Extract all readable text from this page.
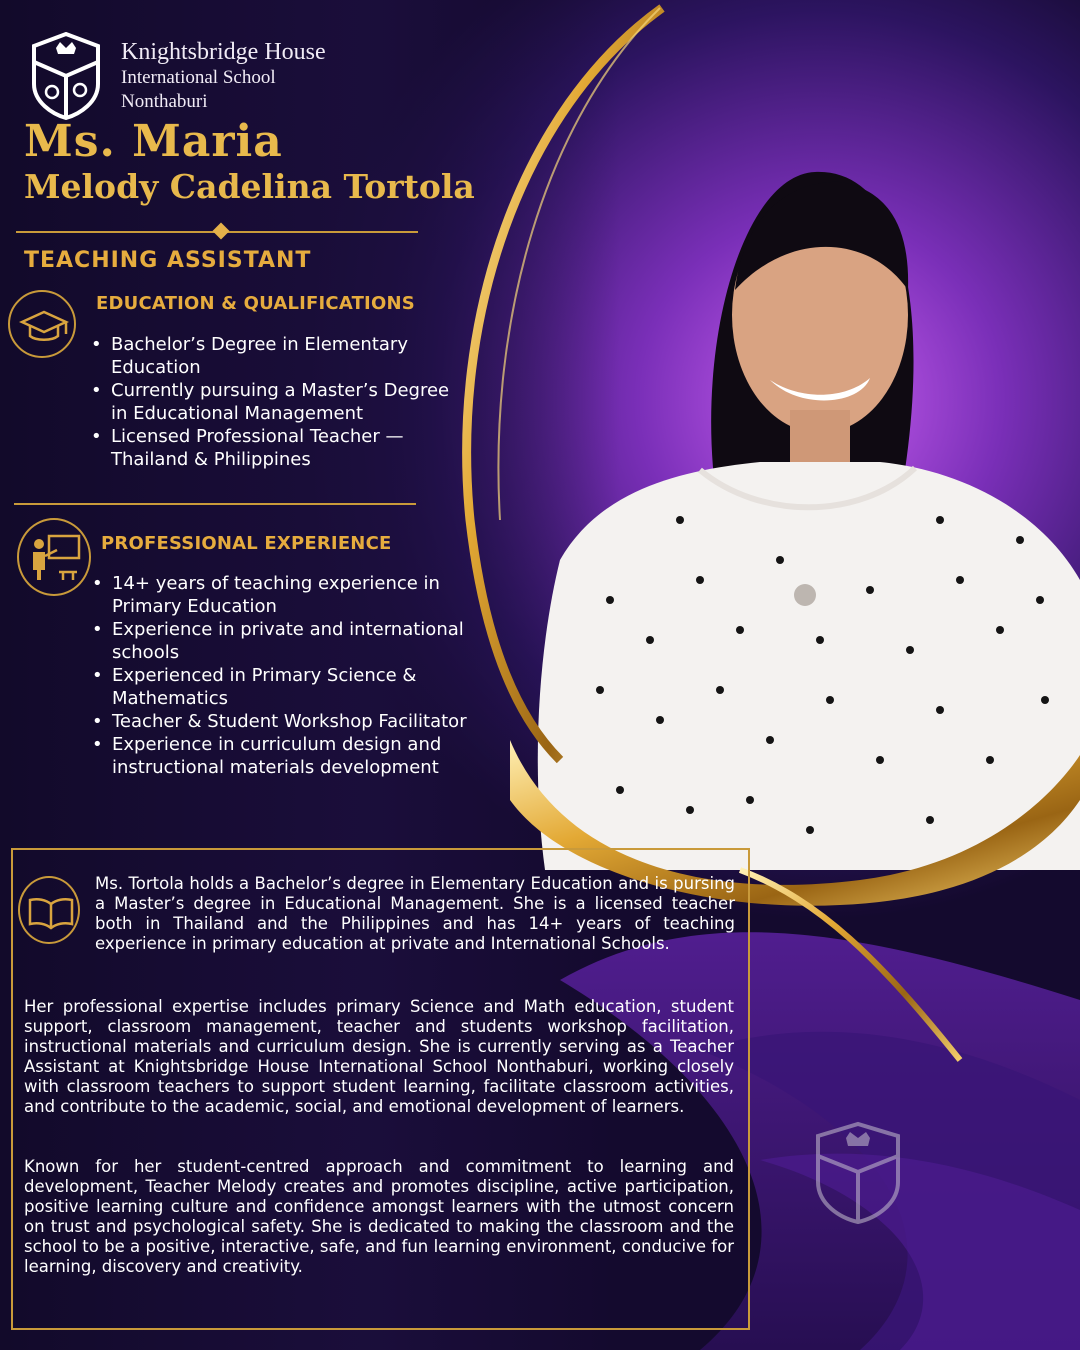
Knightsbridge House
International School
Nonthaburi
Ms. Maria
Melody Cadelina Tortola
TEACHING ASSISTANT
EDUCATION & QUALIFICATIONS
• Bachelor’s Degree in Elementary Education
• Currently pursuing a Master’s Degree in Educational Management
• Licensed Professional Teacher — Thailand & Philippines
PROFESSIONAL EXPERIENCE
• 14+ years of teaching experience in Primary Education
• Experience in private and international schools
• Experienced in Primary Science & Mathematics
• Teacher & Student Workshop Facilitator
• Experience in curriculum design and instructional materials development

Ms. Tortola holds a Bachelor’s degree in Elementary Education and is pursing a Master’s degree in Educational Management. She is a licensed teacher both in Thailand and the Philippines and has 14+ years of teaching experience in primary education at private and International Schools.

Her professional expertise includes primary Science and Math education, student support, classroom management, teacher and students workshop facilitation, instructional materials and curriculum design. She is currently serving as a Teacher Assistant at Knightsbridge House International School Nonthaburi, working closely with classroom teachers to support student learning, facilitate classroom activities, and contribute to the academic, social, and emotional development of learners.

Known for her student-centred approach and commitment to learning and development, Teacher Melody creates and promotes discipline, active participation, positive learning culture and confidence amongst learners with the utmost concern on trust and psychological safety. She is dedicated to making the classroom and the school to be a positive, interactive, safe, and fun learning environment, conducive for learning, discovery and creativity.
